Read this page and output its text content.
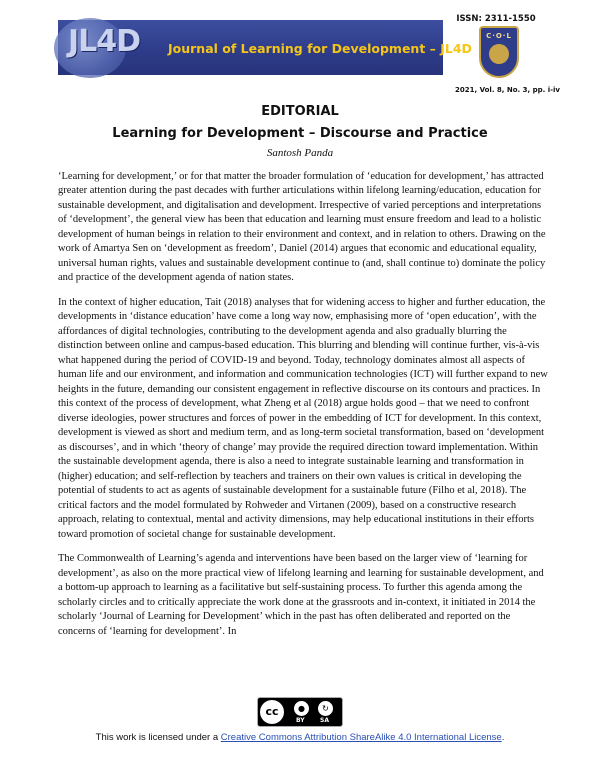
JL4D Journal of Learning for Development – JL4D
ISSN: 2311-1550
C·O·L
2021, Vol. 8, No. 3, pp. i-iv
EDITORIAL
Learning for Development – Discourse and Practice
Santosh Panda

‘Learning for development,’ or for that matter the broader formulation of ‘education for development,’ has attracted greater attention during the past decades with further articulations within lifelong learning/education, education for sustainable development, and digitalisation and development. Irrespective of varied perceptions and interpretations of ‘development’, the general view has been that education and learning must ensure freedom and lead to a holistic development of human beings in relation to their environment and context, and in relation to others. Drawing on the work of Amartya Sen on ‘development as freedom’, Daniel (2014) argues that economic and educational equality, universal human rights, values and sustainable development continue to (and, shall continue to) dominate the policy and practice of the development agenda of nation states.

In the context of higher education, Tait (2018) analyses that for widening access to higher and further education, the developments in ‘distance education’ have come a long way now, emphasising more of ‘open education’, with the affordances of digital technologies, contributing to the development agenda and also gradually blurring the distinction between online and campus-based education. This blurring and blending will continue further, vis-à-vis what happened during the period of COVID-19 and beyond. Today, technology dominates almost all aspects of human life and our environment, and information and communication technologies (ICT) will further expand to new heights in the future, demanding our consistent engagement in reflective discourse on its contours and practices. In this context of the process of development, what Zheng et al (2018) argue holds good – that we need to confront diverse ideologies, power structures and forces of power in the embedding of ICT for development. In this context, development is viewed as short and medium term, and as long-term societal transformation, based on ‘development as discourses’, and in which ‘theory of change’ may provide the required direction toward implementation. Within the sustainable development agenda, there is also a need to integrate sustainable learning and transformation in (higher) education; and self-reflection by teachers and trainers on their own values is critical in developing the potential of students to act as agents of sustainable development for a sustainable future (Filho et al, 2018). The critical factors and the model formulated by Rohweder and Virtanen (2009), based on a constructive research approach, relating to contextual, mental and activity dimensions, may help educational institutions in their efforts toward promotion of societal change for sustainable development.

The Commonwealth of Learning’s agenda and interventions have been based on the larger view of ‘learning for development’, as also on the more practical view of lifelong learning and learning for sustainable development, and a bottom-up approach to learning as a facilitative but self-sustaining process. To further this agenda among the scholarly circles and to critically appreciate the work done at the grassroots and in-context, it initiated in 2014 the scholarly ‘Journal of Learning for Development’ which in the past has often deliberated and reported on the concerns of ‘learning for development’. In

cc	●	↻
BY	SA
This work is licensed under a Creative Commons Attribution ShareAlike 4.0 International License.
